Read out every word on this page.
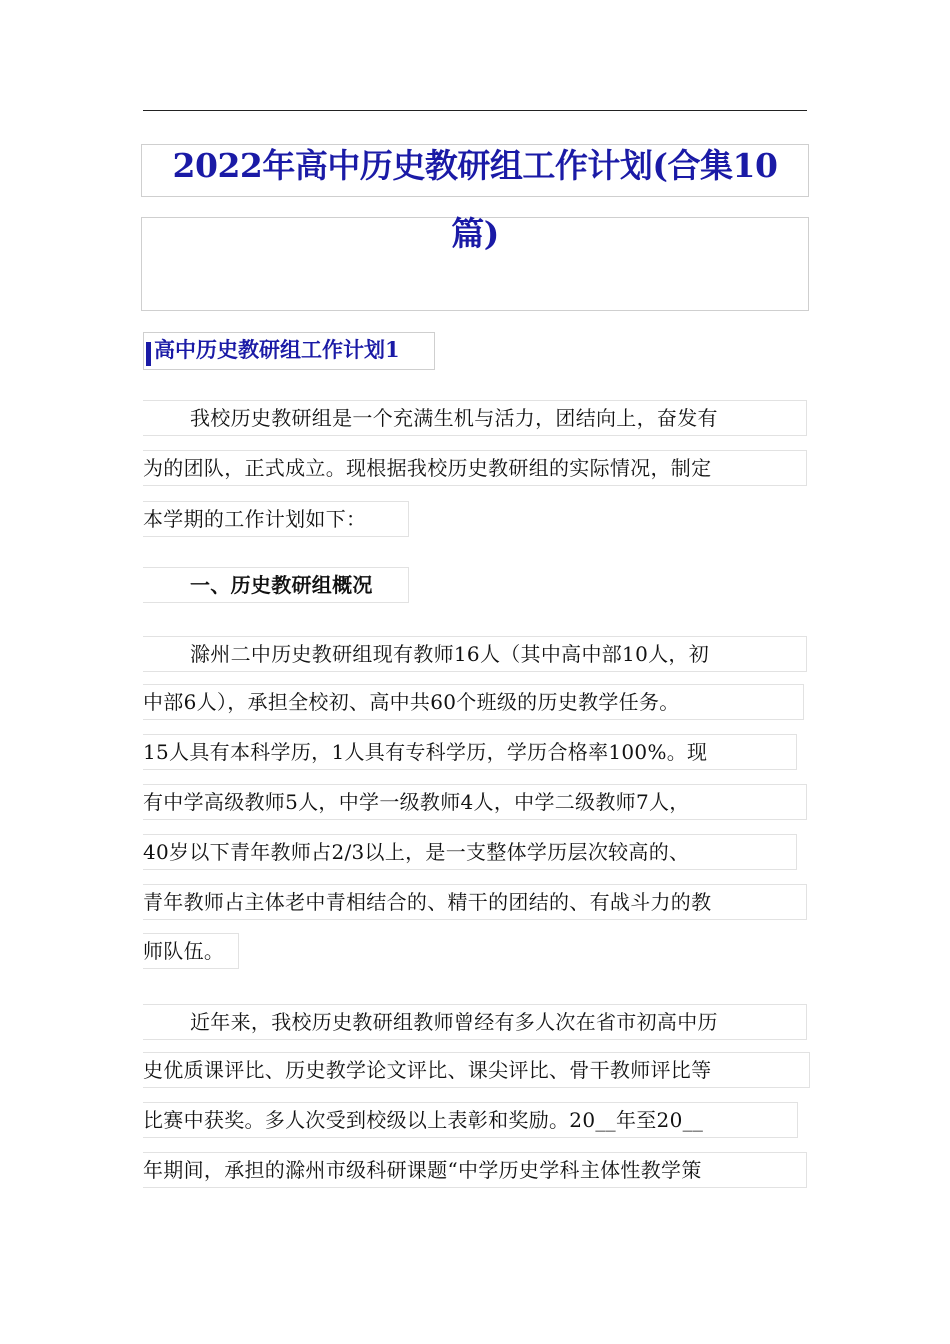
2022年高中历史教研组工作计划(合集10
篇)
高中历史教研组工作计划1
我校历史教研组是一个充满生机与活力，团结向上，奋发有
为的团队，正式成立。现根据我校历史教研组的实际情况，制定
本学期的工作计划如下：
一、历史教研组概况
滁州二中历史教研组现有教师16人（其中高中部10人，初
中部6人），承担全校初、高中共60个班级的历史教学任务。
15人具有本科学历，1人具有专科学历，学历合格率100%。现
有中学高级教师5人，中学一级教师4人，中学二级教师7人，
40岁以下青年教师占2/3以上，是一支整体学历层次较高的、
青年教师占主体老中青相结合的、精干的团结的、有战斗力的教
师队伍。
近年来，我校历史教研组教师曾经有多人次在省市初高中历
史优质课评比、历史教学论文评比、课尖评比、骨干教师评比等
比赛中获奖。多人次受到校级以上表彰和奖励。20__年至20__
年期间，承担的滁州市级科研课题“中学历史学科主体性教学策
